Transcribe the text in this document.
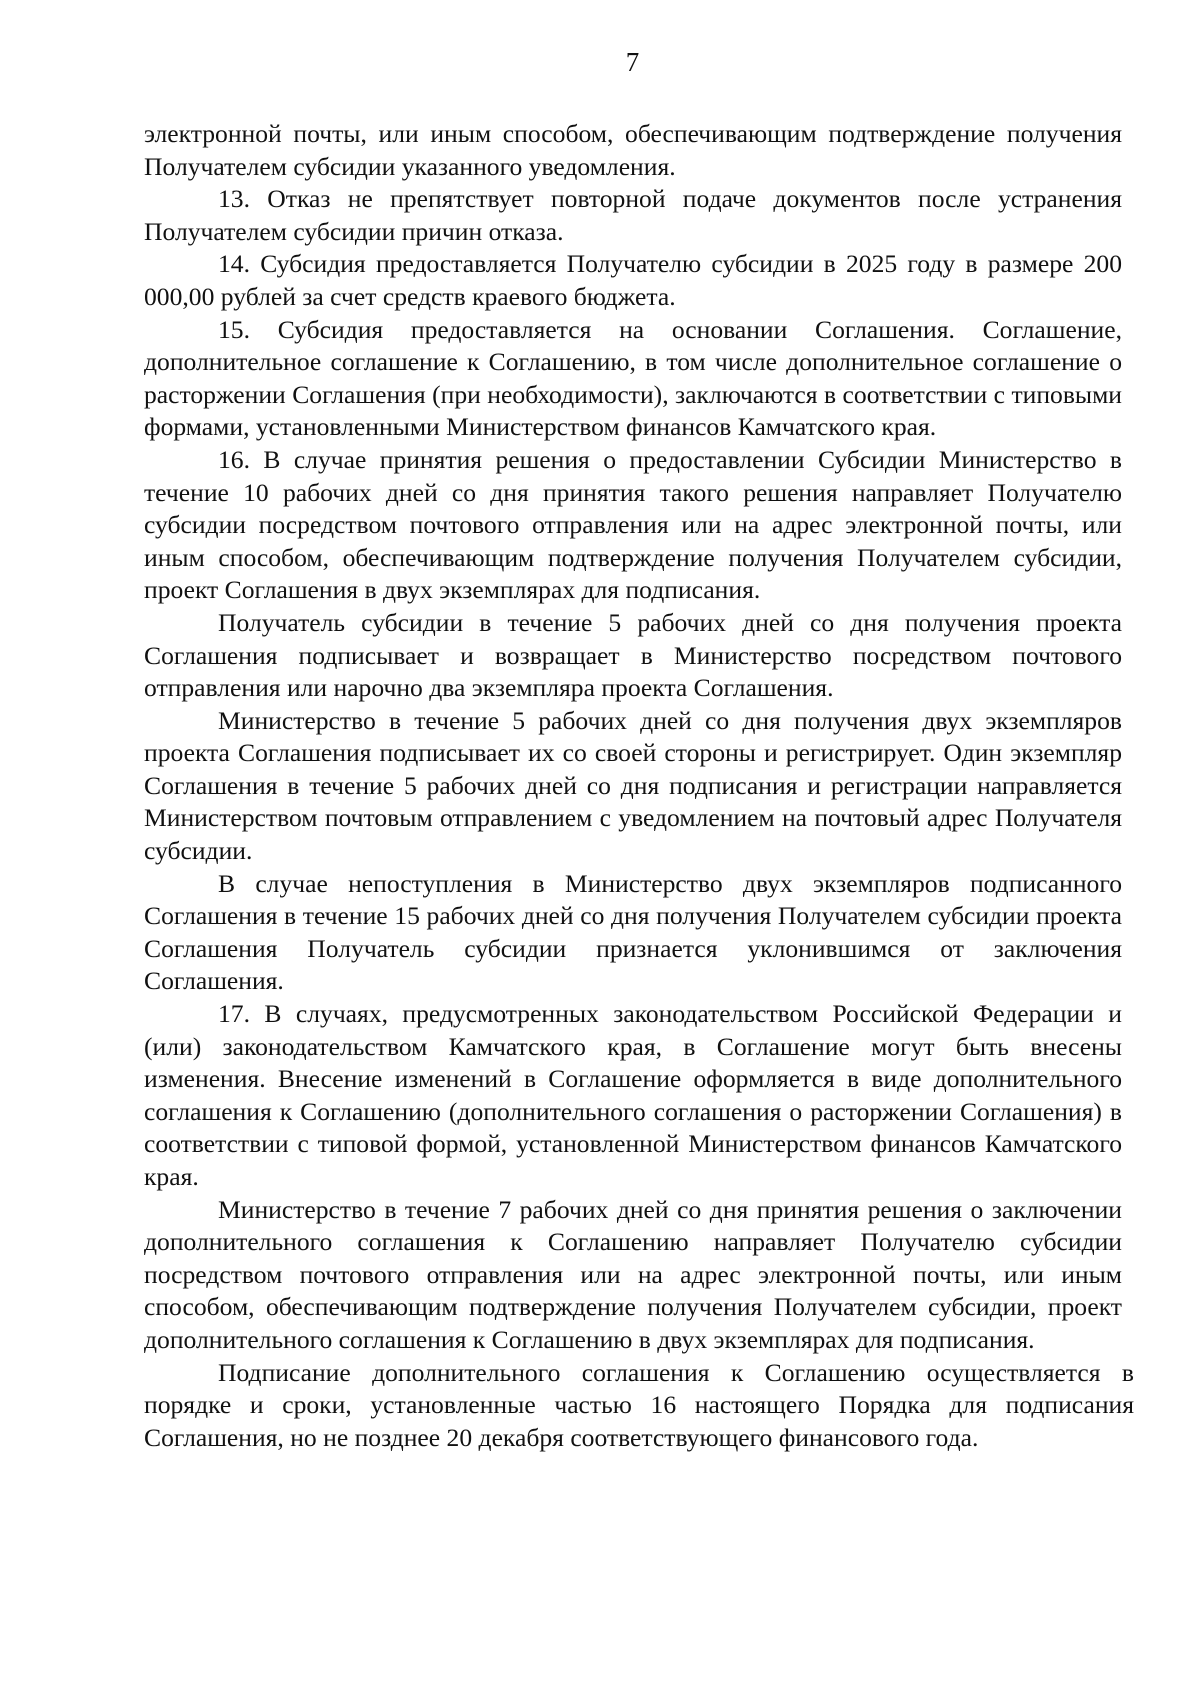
7

электронной почты, или иным способом, обеспечивающим подтверждение получения Получателем субсидии указанного уведомления.

13. Отказ не препятствует повторной подаче документов после устранения Получателем субсидии причин отказа.

14. Субсидия предоставляется Получателю субсидии в 2025 году в размере 200 000,00 рублей за счет средств краевого бюджета.

15. Субсидия предоставляется на основании Соглашения. Соглашение, дополнительное соглашение к Соглашению, в том числе дополнительное соглашение о расторжении Соглашения (при необходимости), заключаются в соответствии с типовыми формами, установленными Министерством финансов Камчатского края.

16. В случае принятия решения о предоставлении Субсидии Министерство в течение 10 рабочих дней со дня принятия такого решения направляет Получателю субсидии посредством почтового отправления или на адрес электронной почты, или иным способом, обеспечивающим подтверждение получения Получателем субсидии, проект Соглашения в двух экземплярах для подписания.

Получатель субсидии в течение 5 рабочих дней со дня получения проекта Соглашения подписывает и возвращает в Министерство посредством почтового отправления или нарочно два экземпляра проекта Соглашения.

Министерство в течение 5 рабочих дней со дня получения двух экземпляров проекта Соглашения подписывает их со своей стороны и регистрирует. Один экземпляр Соглашения в течение 5 рабочих дней со дня подписания и регистрации направляется Министерством почтовым отправлением с уведомлением на почтовый адрес Получателя субсидии.

В случае непоступления в Министерство двух экземпляров подписанного Соглашения в течение 15 рабочих дней со дня получения Получателем субсидии проекта Соглашения Получатель субсидии признается уклонившимся от заключения Соглашения.

17. В случаях, предусмотренных законодательством Российской Федерации и (или) законодательством Камчатского края, в Соглашение могут быть внесены изменения. Внесение изменений в Соглашение оформляется в виде дополнительного соглашения к Соглашению (дополнительного соглашения о расторжении Соглашения) в соответствии с типовой формой, установленной Министерством финансов Камчатского края.

Министерство в течение 7 рабочих дней со дня принятия решения о заключении дополнительного соглашения к Соглашению направляет Получателю субсидии посредством почтового отправления или на адрес электронной почты, или иным способом, обеспечивающим подтверждение получения Получателем субсидии, проект дополнительного соглашения к Соглашению в двух экземплярах для подписания.

Подписание дополнительного соглашения к Соглашению осуществляется в порядке и сроки, установленные частью 16 настоящего Порядка для подписания Соглашения, но не позднее 20 декабря соответствующего финансового года.
